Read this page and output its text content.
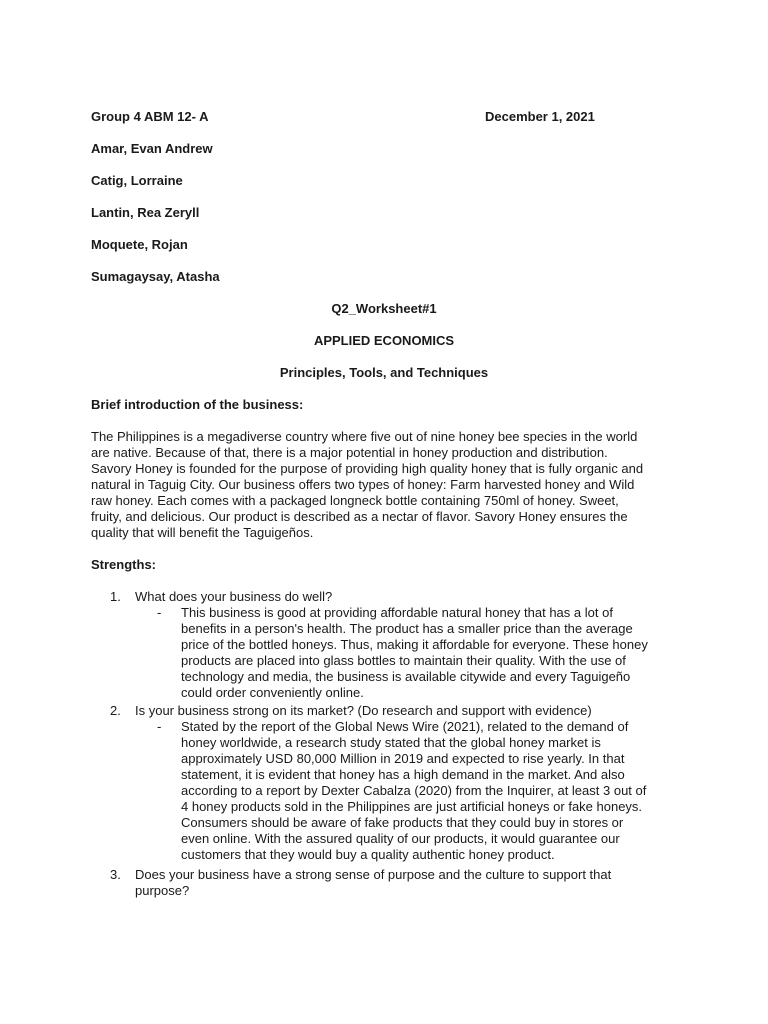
Group 4 ABM 12- A	December 1, 2021
Amar, Evan Andrew
Catig, Lorraine
Lantin, Rea Zeryll
Moquete, Rojan
Sumagaysay, Atasha
Q2_Worksheet#1
APPLIED ECONOMICS
Principles, Tools, and Techniques
Brief introduction of the business:

The Philippines is a megadiverse country where five out of nine honey bee species in the world
are native. Because of that, there is a major potential in honey production and distribution.
Savory Honey is founded for the purpose of providing high quality honey that is fully organic and
natural in Taguig City. Our business offers two types of honey: Farm harvested honey and Wild
raw honey. Each comes with a packaged longneck bottle containing 750ml of honey. Sweet,
fruity, and delicious. Our product is described as a nectar of flavor. Savory Honey ensures the
quality that will benefit the Taguigeños.

Strengths:
1. What does your business do well?
- This business is good at providing affordable natural honey that has a lot of
benefits in a person's health. The product has a smaller price than the average
price of the bottled honeys. Thus, making it affordable for everyone. These honey
products are placed into glass bottles to maintain their quality. With the use of
technology and media, the business is available citywide and every Taguigeño
could order conveniently online.
2. Is your business strong on its market? (Do research and support with evidence)
- Stated by the report of the Global News Wire (2021), related to the demand of
honey worldwide, a research study stated that the global honey market is
approximately USD 80,000 Million in 2019 and expected to rise yearly. In that
statement, it is evident that honey has a high demand in the market. And also
according to a report by Dexter Cabalza (2020) from the Inquirer, at least 3 out of
4 honey products sold in the Philippines are just artificial honeys or fake honeys.
Consumers should be aware of fake products that they could buy in stores or
even online. With the assured quality of our products, it would guarantee our
customers that they would buy a quality authentic honey product.
3. Does your business have a strong sense of purpose and the culture to support that
purpose?
